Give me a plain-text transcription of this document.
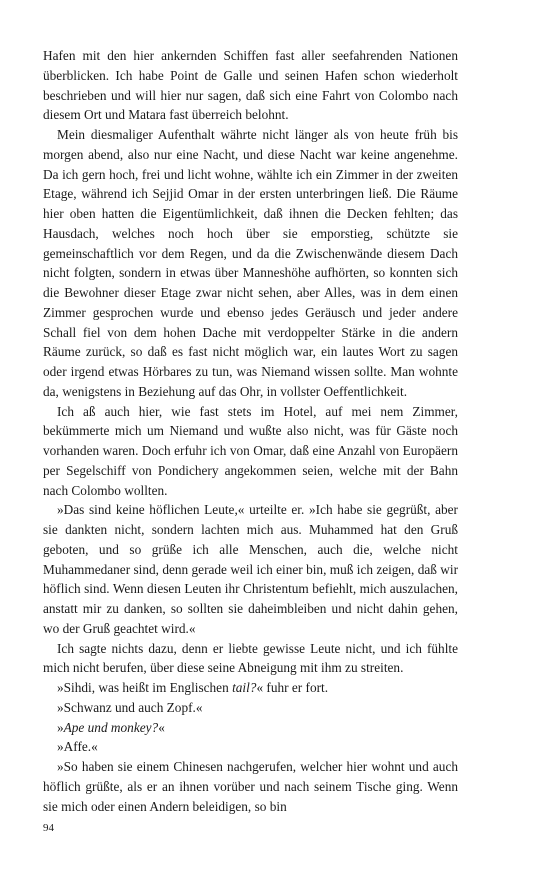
Hafen mit den hier ankernden Schiffen fast aller seefahrenden Nationen überblicken. Ich habe Point de Galle und seinen Hafen schon wiederholt beschrieben und will hier nur sagen, daß sich eine Fahrt von Colombo nach diesem Ort und Matara fast überreich belohnt.

Mein diesmaliger Aufenthalt währte nicht länger als von heute früh bis morgen abend, also nur eine Nacht, und diese Nacht war keine angenehme. Da ich gern hoch, frei und licht wohne, wählte ich ein Zimmer in der zweiten Etage, während ich Sejjid Omar in der ersten unterbringen ließ. Die Räume hier oben hatten die Eigentümlichkeit, daß ihnen die Decken fehlten; das Hausdach, welches noch hoch über sie emporstieg, schützte sie gemeinschaftlich vor dem Regen, und da die Zwischenwände diesem Dach nicht folgten, sondern in etwas über Manneshöhe aufhörten, so konnten sich die Bewohner dieser Etage zwar nicht sehen, aber Alles, was in dem einen Zimmer gesprochen wurde und ebenso jedes Geräusch und jeder andere Schall fiel von dem hohen Dache mit verdoppelter Stärke in die andern Räume zurück, so daß es fast nicht möglich war, ein lautes Wort zu sagen oder irgend etwas Hörbares zu tun, was Niemand wissen sollte. Man wohnte da, wenigstens in Beziehung auf das Ohr, in vollster Oeffentlichkeit.

Ich aß auch hier, wie fast stets im Hotel, auf mei nem Zimmer, bekümmerte mich um Niemand und wußte also nicht, was für Gäste noch vorhanden waren. Doch erfuhr ich von Omar, daß eine Anzahl von Europäern per Segelschiff von Pondichery angekommen seien, welche mit der Bahn nach Colombo wollten.

»Das sind keine höflichen Leute,« urteilte er. »Ich habe sie gegrüßt, aber sie dankten nicht, sondern lachten mich aus. Muhammed hat den Gruß geboten, und so grüße ich alle Menschen, auch die, welche nicht Muhammedaner sind, denn gerade weil ich einer bin, muß ich zeigen, daß wir höflich sind. Wenn diesen Leuten ihr Christentum befiehlt, mich auszulachen, anstatt mir zu danken, so sollten sie daheimbleiben und nicht dahin gehen, wo der Gruß geachtet wird.«

Ich sagte nichts dazu, denn er liebte gewisse Leute nicht, und ich fühlte mich nicht berufen, über diese seine Abneigung mit ihm zu streiten.

»Sihdi, was heißt im Englischen tail?« fuhr er fort.

»Schwanz und auch Zopf.«

»Ape und monkey?«

»Affe.«

»So haben sie einem Chinesen nachgerufen, welcher hier wohnt und auch höflich grüßte, als er an ihnen vorüber und nach seinem Tische ging. Wenn sie mich oder einen Andern beleidigen, so bin

94
